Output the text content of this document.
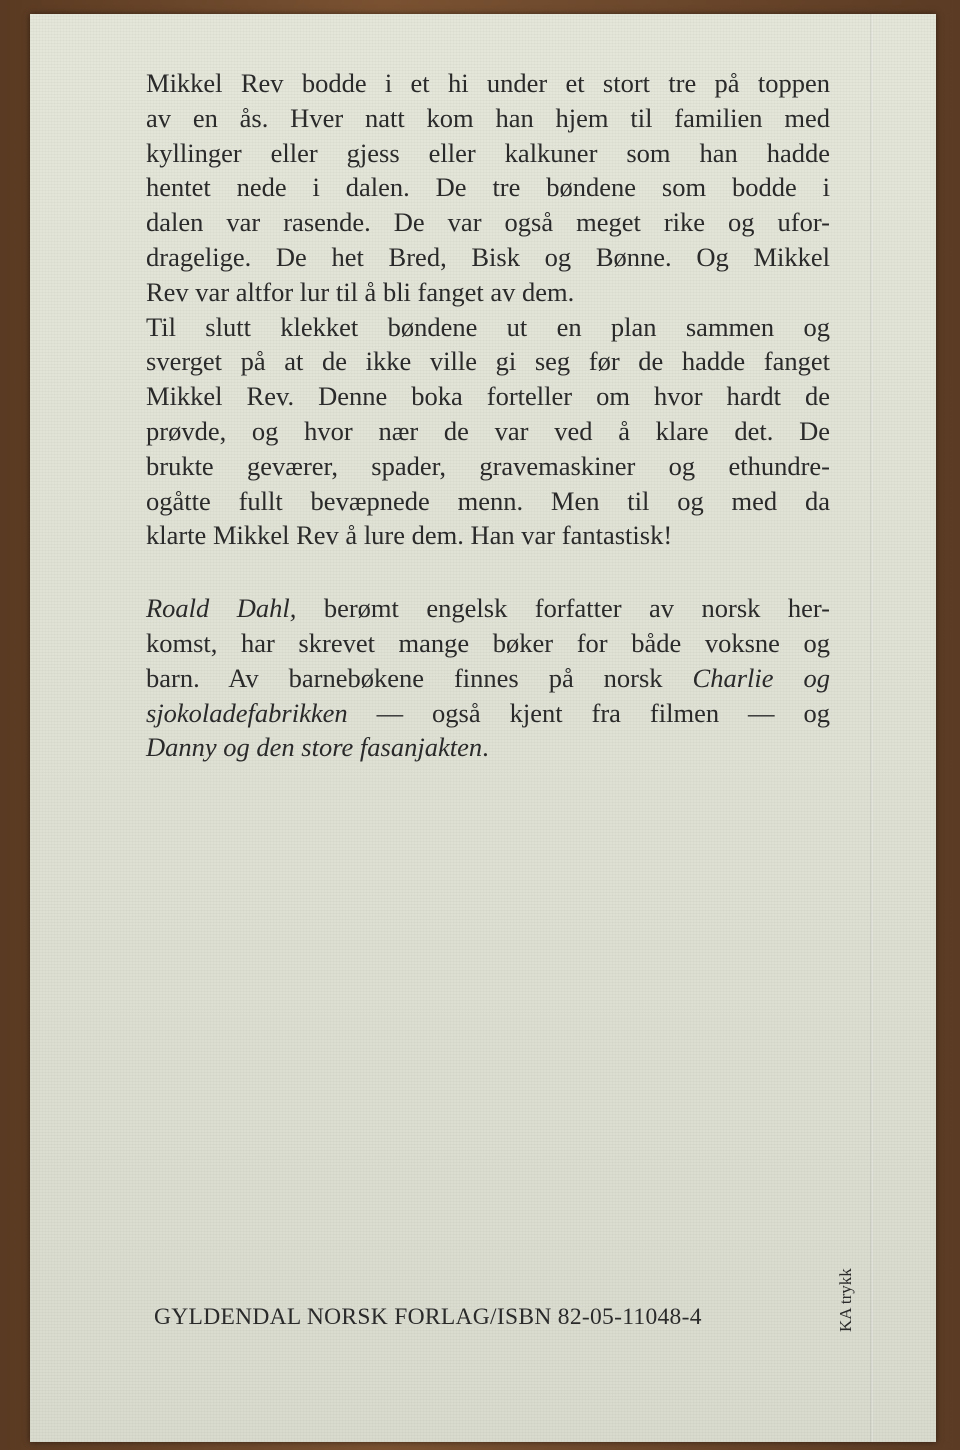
Mikkel Rev bodde i et hi under et stort tre på toppen
av en ås. Hver natt kom han hjem til familien med
kyllinger eller gjess eller kalkuner som han hadde
hentet nede i dalen. De tre bøndene som bodde i
dalen var rasende. De var også meget rike og ufor-
dragelige. De het Bred, Bisk og Bønne. Og Mikkel
Rev var altfor lur til å bli fanget av dem.
Til slutt klekket bøndene ut en plan sammen og
sverget på at de ikke ville gi seg før de hadde fanget
Mikkel Rev. Denne boka forteller om hvor hardt de
prøvde, og hvor nær de var ved å klare det. De
brukte geværer, spader, gravemaskiner og ethundre-
ogåtte fullt bevæpnede menn. Men til og med da
klarte Mikkel Rev å lure dem. Han var fantastisk!
Roald Dahl, berømt engelsk forfatter av norsk her-
komst, har skrevet mange bøker for både voksne og
barn. Av barnebøkene finnes på norsk Charlie og
sjokoladefabrikken — også kjent fra filmen — og
Danny og den store fasanjakten.
GYLDENDAL NORSK FORLAG/ISBN 82-05-11048-4	KA trykk
